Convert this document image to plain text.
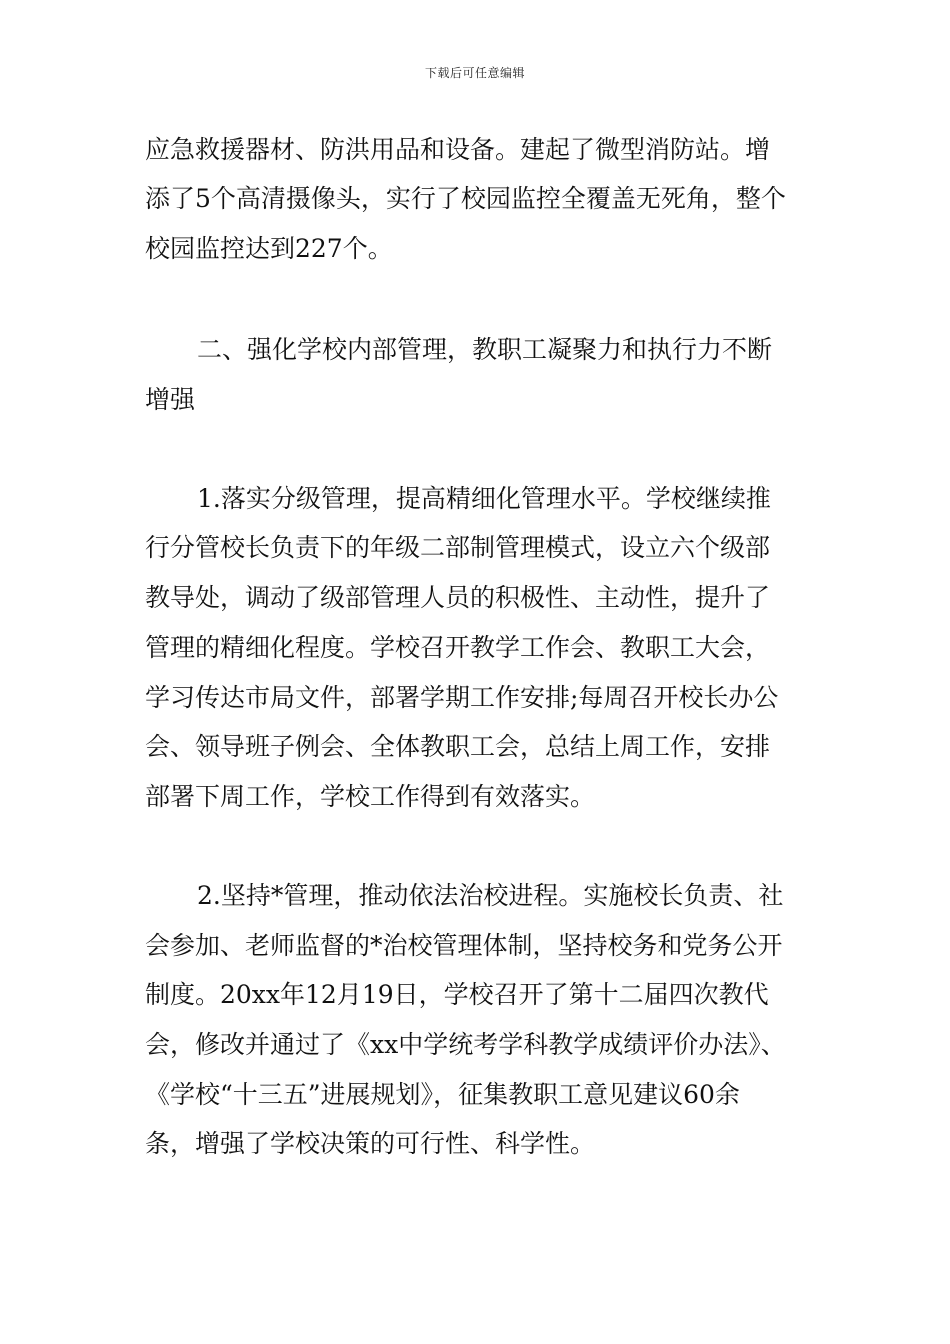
下载后可任意编辑
应急救援器材、防洪用品和设备。建起了微型消防站。增
添了5个高清摄像头，实行了校园监控全覆盖无死角，整个
校园监控达到227个。
二、强化学校内部管理，教职工凝聚力和执行力不断
增强
1.落实分级管理，提高精细化管理水平。学校继续推
行分管校长负责下的年级二部制管理模式，设立六个级部
教导处，调动了级部管理人员的积极性、主动性，提升了
管理的精细化程度。学校召开教学工作会、教职工大会，
学习传达市局文件，部署学期工作安排;每周召开校长办公
会、领导班子例会、全体教职工会，总结上周工作，安排
部署下周工作，学校工作得到有效落实。
2.坚持*管理，推动依法治校进程。实施校长负责、社
会参加、老师监督的*治校管理体制，坚持校务和党务公开
制度。20xx年12月19日，学校召开了第十二届四次教代
会，修改并通过了《xx中学统考学科教学成绩评价办法》、
《学校“十三五”进展规划》，征集教职工意见建议60余
条，增强了学校决策的可行性、科学性。
